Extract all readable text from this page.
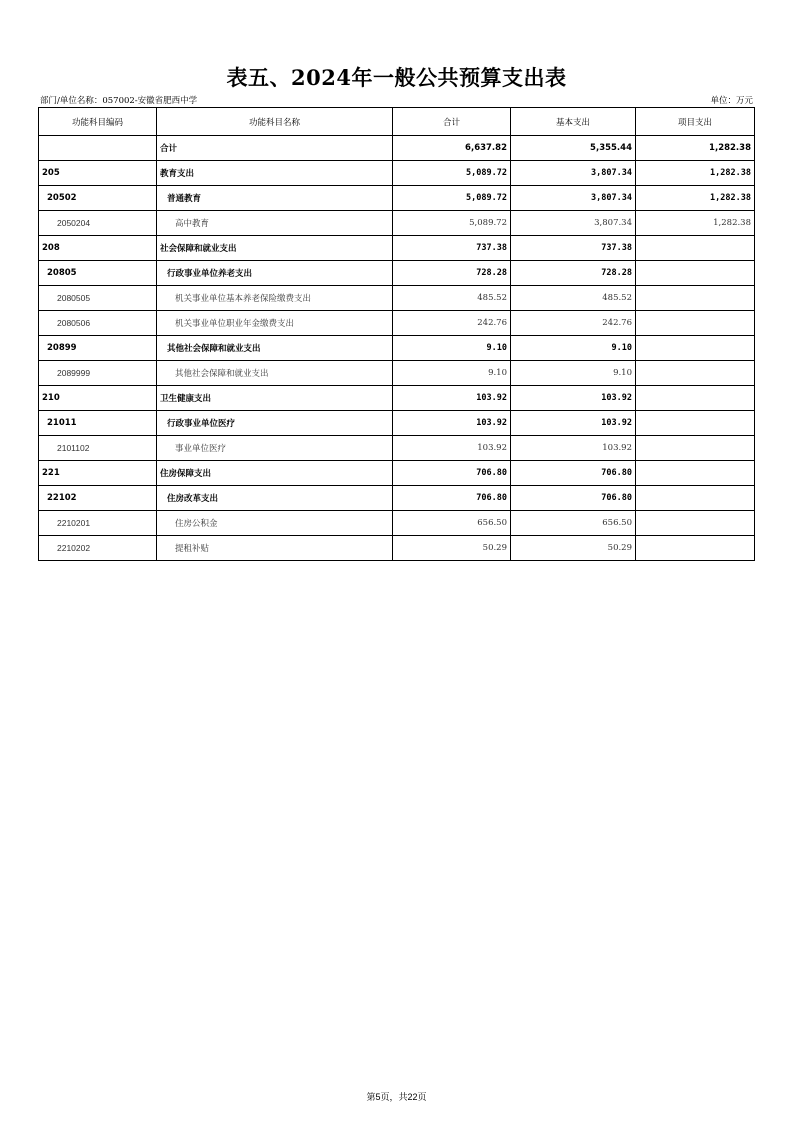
表五、2024年一般公共预算支出表
部门/单位名称：057002-安徽省肥西中学	单位：万元
功能科目编码	功能科目名称	合计	基本支出	项目支出
	合计	6,637.82	5,355.44	1,282.38
205	教育支出	5,089.72	3,807.34	1,282.38
20502	普通教育	5,089.72	3,807.34	1,282.38
2050204	高中教育	5,089.72	3,807.34	1,282.38
208	社会保障和就业支出	737.38	737.38	
20805	行政事业单位养老支出	728.28	728.28	
2080505	机关事业单位基本养老保险缴费支出	485.52	485.52	
2080506	机关事业单位职业年金缴费支出	242.76	242.76	
20899	其他社会保障和就业支出	9.10	9.10	
2089999	其他社会保障和就业支出	9.10	9.10	
210	卫生健康支出	103.92	103.92	
21011	行政事业单位医疗	103.92	103.92	
2101102	事业单位医疗	103.92	103.92	
221	住房保障支出	706.80	706.80	
22102	住房改革支出	706.80	706.80	
2210201	住房公积金	656.50	656.50	
2210202	提租补贴	50.29	50.29	
第5页，共22页
